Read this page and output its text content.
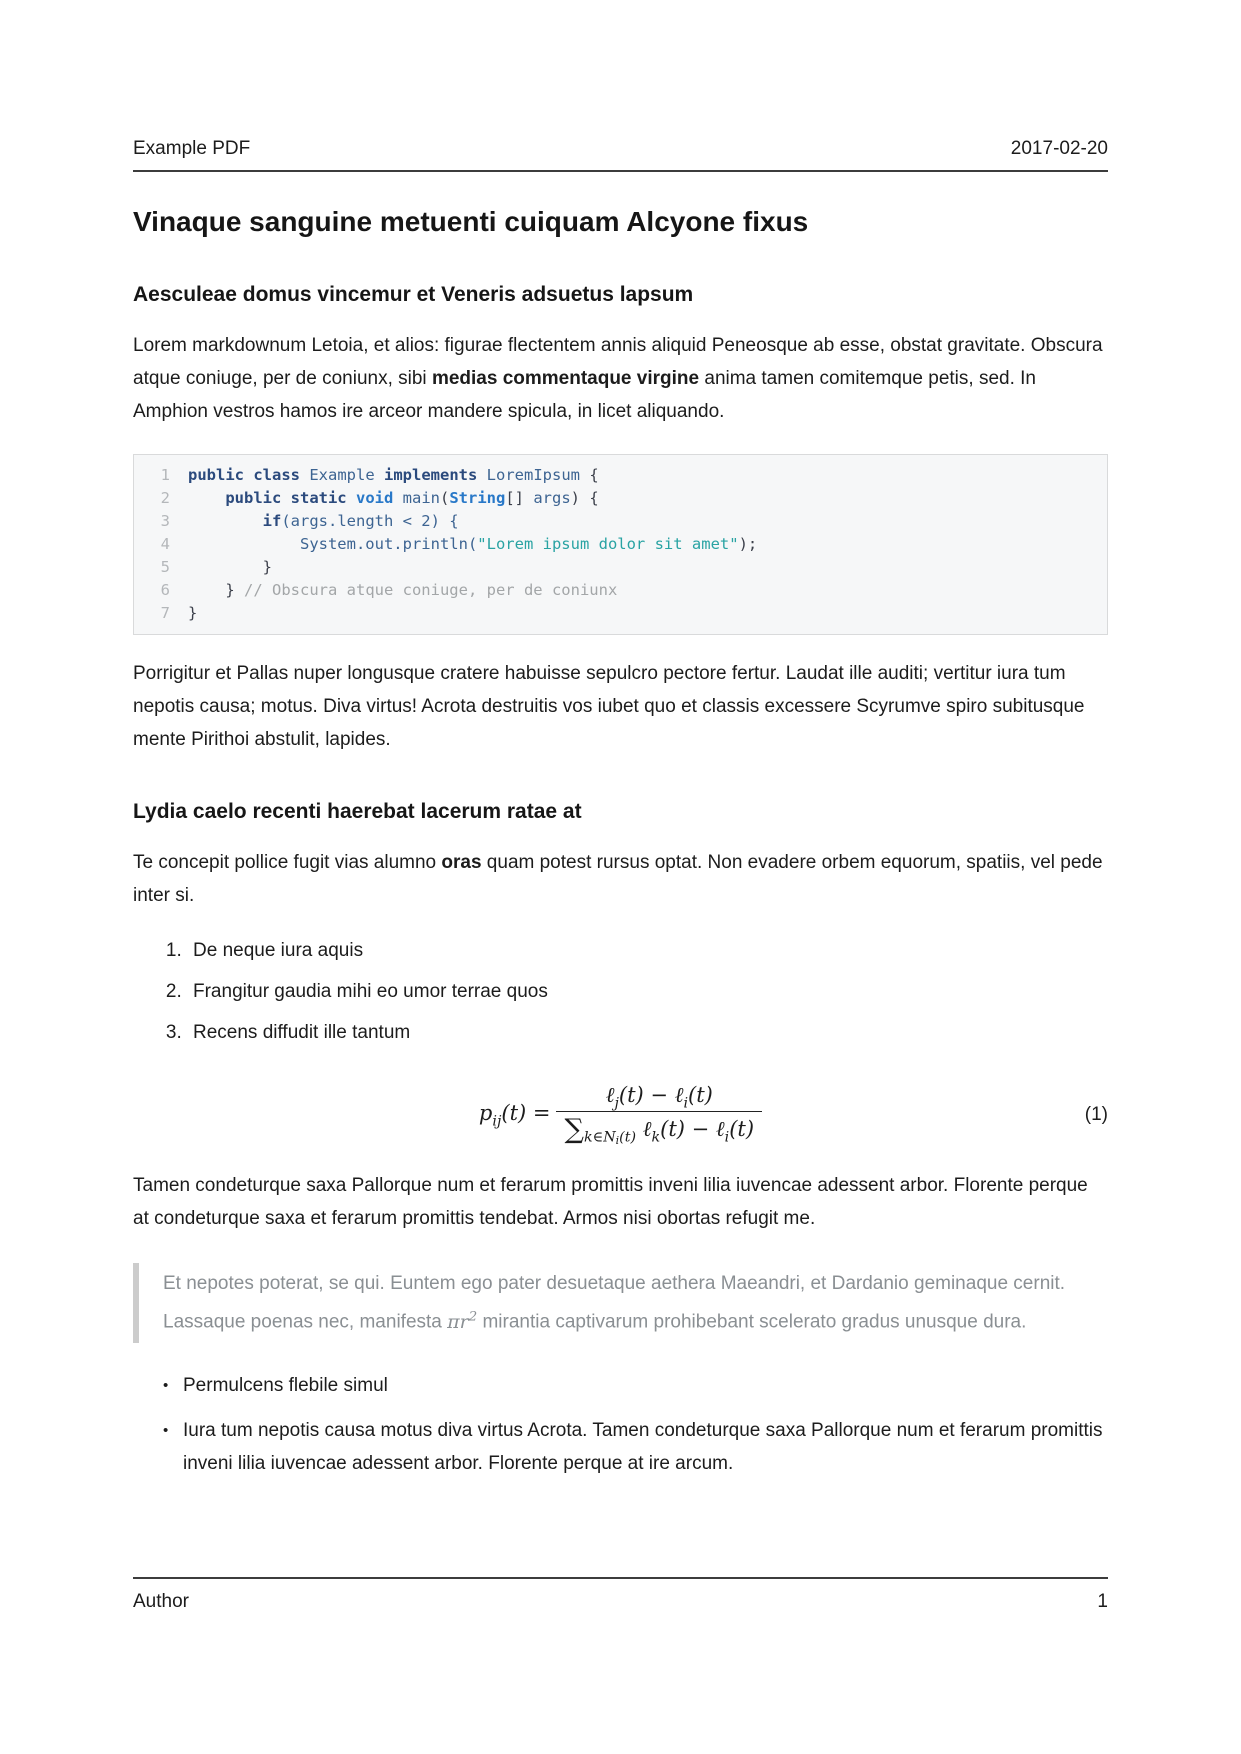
Example PDF	2017-02-20
Vinaque sanguine metuenti cuiquam Alcyone fixus
Aesculeae domus vincemur et Veneris adsuetus lapsum

Lorem markdownum Letoia, et alios: figurae flectentem annis aliquid Peneosque ab esse, obstat gravitate. Obscura atque coniuge, per de coniunx, sibi medias commentaque virgine anima tamen comitemque petis, sed. In Amphion vestros hamos ire arceor mandere spicula, in licet aliquando.

1 public class Example implements LoremIpsum {
2	public static void main(String[] args) {
3	if(args.length < 2) {
4	System.out.println("Lorem ipsum dolor sit amet");
5        }
6    } // Obscura atque coniuge, per de coniunx
7 }

Porrigitur et Pallas nuper longusque cratere habuisse sepulcro pectore fertur. Laudat ille auditi; vertitur iura tum nepotis causa; motus. Diva virtus! Acrota destruitis vos iubet quo et classis excessere Scyrumve spiro subitusque mente Pirithoi abstulit, lapides.

Lydia caelo recenti haerebat lacerum ratae at

Te concepit pollice fugit vias alumno oras quam potest rursus optat. Non evadere orbem equorum, spatiis, vel pede inter si.

1. De neque iura aquis
2. Frangitur gaudia mihi eo umor terrae quos
3. Recens diffudit ille tantum
$p_{ij}(t) = \frac{\ell_j(t) - \ell_i(t)}{\sum_{k\in Ni(t)} \ell_k(t) - \ell_i(t)}$	(1)

Tamen condeturque saxa Pallorque num et ferarum promittis inveni lilia iuvencae adessent arbor. Florente perque at condeturque saxa et ferarum promittis tendebat. Armos nisi obortas refugit me.

Et nepotes poterat, se qui. Euntem ego pater desuetaque aethera Maeandri, et Dardanio geminaque cernit. Lassaque poenas nec, manifesta $\pi r^2$ mirantia captivarum prohibebant scelerato gradus unusque dura.
• Permulcens flebile simul
• Iura tum nepotis causa motus diva virtus Acrota. Tamen condeturque saxa Pallorque num et ferarum promittis inveni lilia iuvencae adessent arbor. Florente perque at ire arcum.
Author	1
